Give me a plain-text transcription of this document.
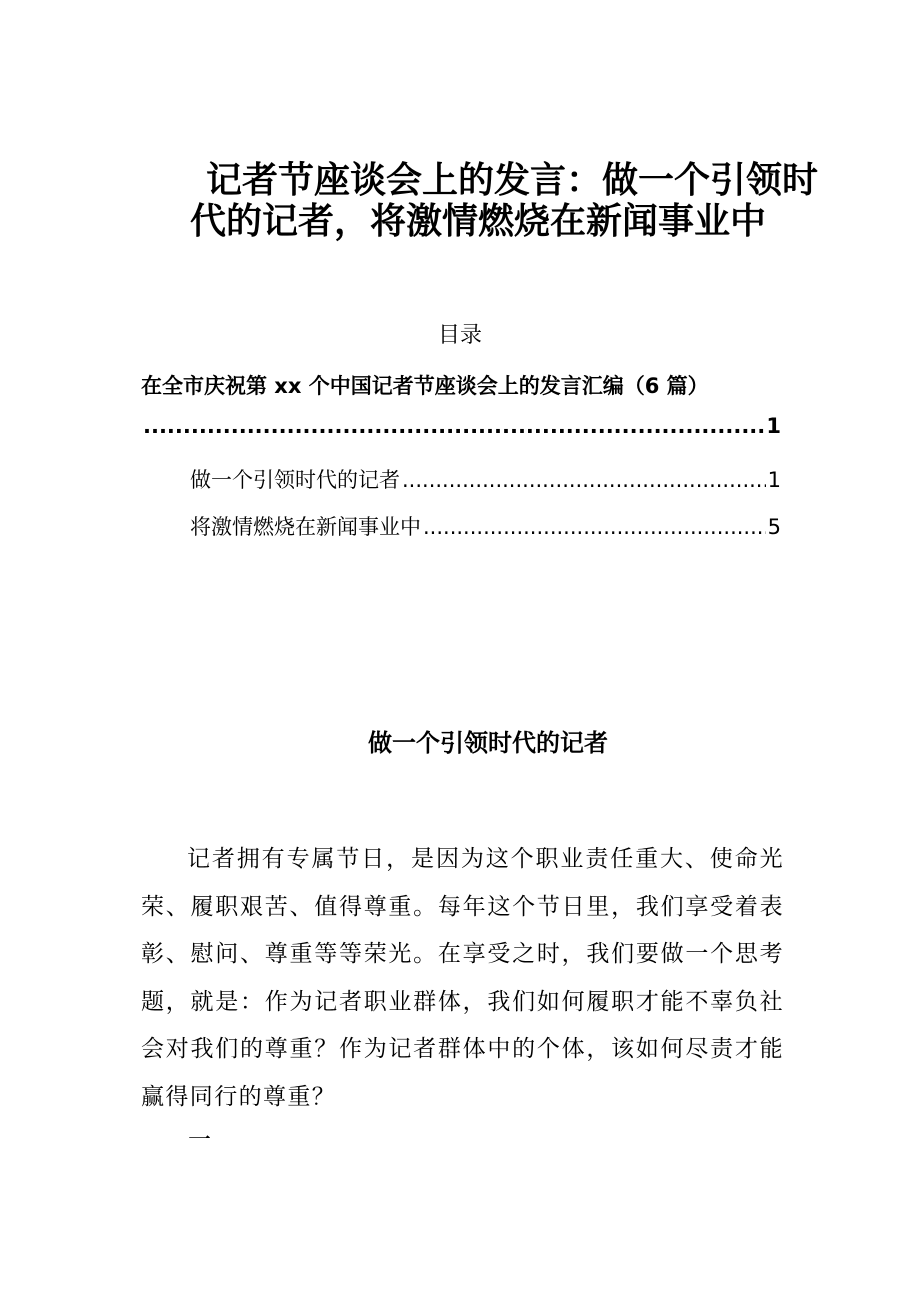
记者节座谈会上的发言：做一个引领时
代的记者，将激情燃烧在新闻事业中
目录
在全市庆祝第 xx 个中国记者节座谈会上的发言汇编（6 篇）
.....
1
做一个引领时代的记者 .....	1
将激情燃烧在新闻事业中 .....	5
做一个引领时代的记者
记者拥有专属节日，是因为这个职业责任重大、使命光荣、履职艰苦、值得尊重。每年这个节日里，我们享受着表彰、慰问、尊重等等荣光。在享受之时，我们要做一个思考题，就是：作为记者职业群体，我们如何履职才能不辜负社会对我们的尊重？作为记者群体中的个体，该如何尽责才能赢得同行的尊重？
一
